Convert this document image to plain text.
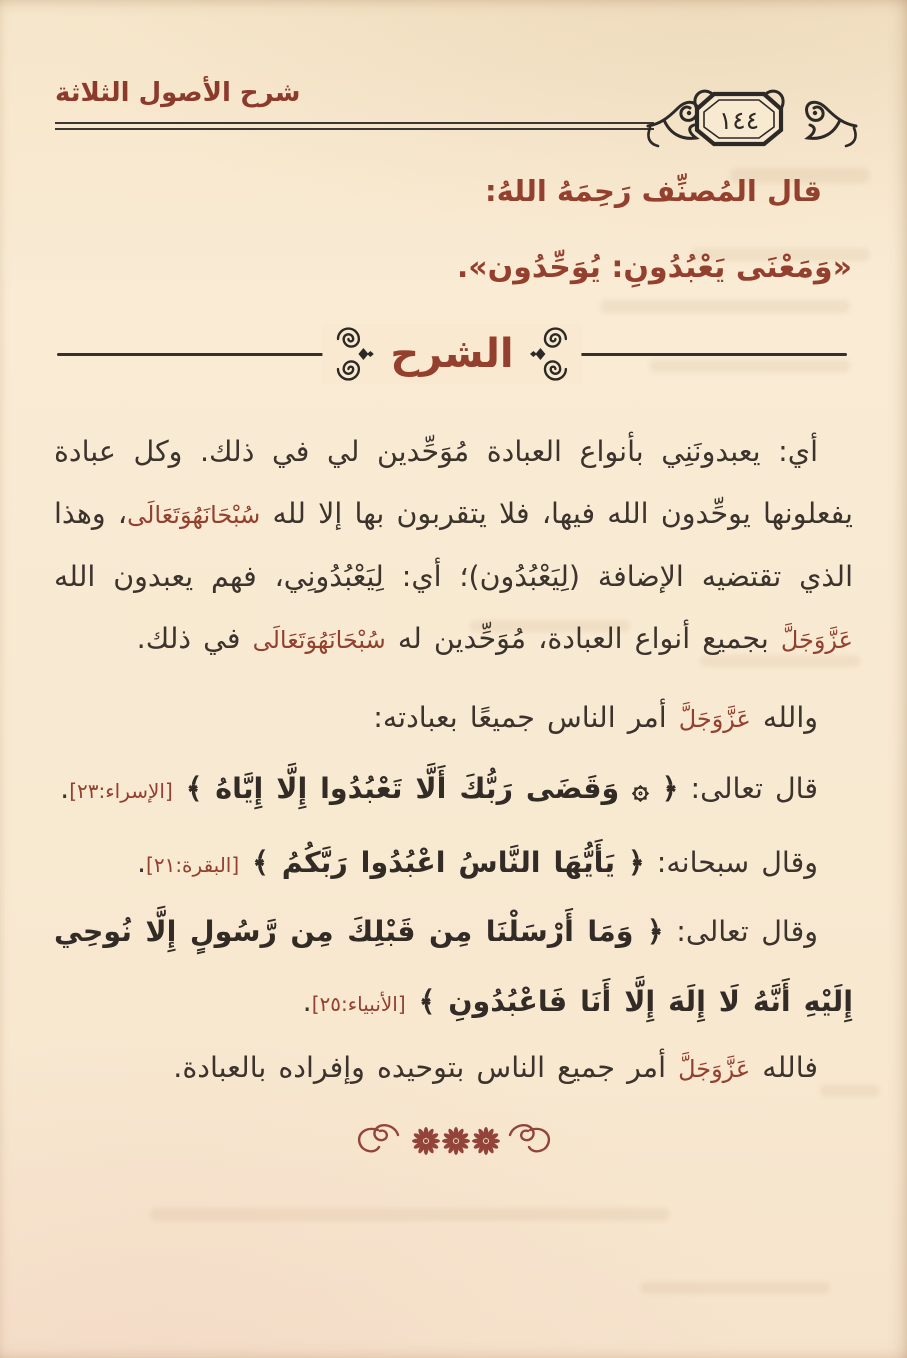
شرح الأصول الثلاثة
١٤٤
قال المُصنِّف رَحِمَهُ اللهُ:
«وَمَعْنَى يَعْبُدُونِ: يُوَحِّدُون».
الشرح

أي: يعبدونَنِي بأنواع العبادة مُوَحِّدين لي في ذلك. وكل عبادة يفعلونها يوحِّدون الله فيها، فلا يتقربون بها إلا لله سُبْحَانَهُوَتَعَالَى، وهذا الذي تقتضيه الإضافة (لِيَعْبُدُون)؛ أي: لِيَعْبُدُونِي، فهم يعبدون الله عَزَّوَجَلَّ بجميع أنواع العبادة، مُوَحِّدين له سُبْحَانَهُوَتَعَالَى في ذلك.

والله عَزَّوَجَلَّ أمر الناس جميعًا بعبادته:

قال تعالى: ﴿ ۞ وَقَضَى رَبُّكَ أَلَّا تَعْبُدُوا إِلَّا إِيَّاهُ ﴾ [الإسراء:٢٣].

وقال سبحانه: ﴿ يَأَيُّهَا النَّاسُ اعْبُدُوا رَبَّكُمُ ﴾ [البقرة:٢١].

وقال تعالى: ﴿ وَمَا أَرْسَلْنَا مِن قَبْلِكَ مِن رَّسُولٍ إِلَّا نُوحِي إِلَيْهِ أَنَّهُ لَا إِلَهَ إِلَّا أَنَا فَاعْبُدُونِ ﴾ [الأنبياء:٢٥].

فالله عَزَّوَجَلَّ أمر جميع الناس بتوحيده وإفراده بالعبادة.
